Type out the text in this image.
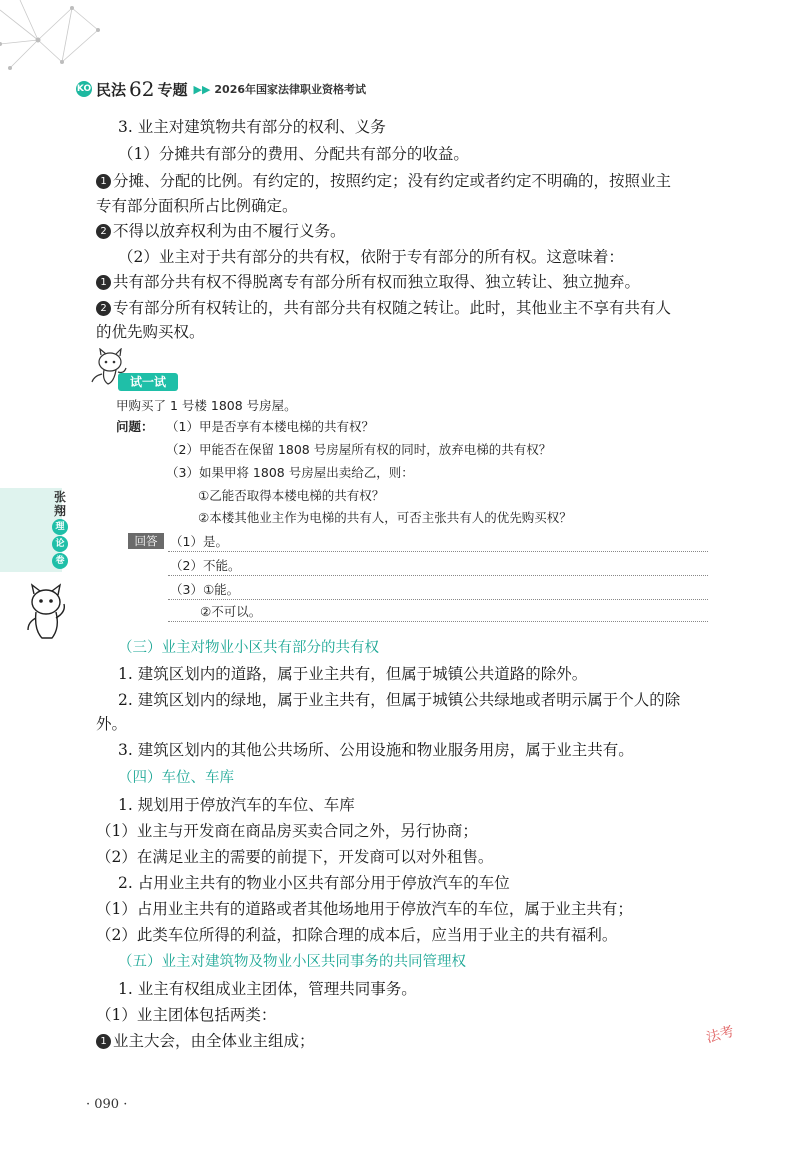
KO 民法 62 专题 ▶▶ 2026年国家法律职业资格考试
3. 业主对建筑物共有部分的权利、义务
（1）分摊共有部分的费用、分配共有部分的收益。
1 分摊、分配的比例。有约定的，按照约定；没有约定或者约定不明确的，按照业主
专有部分面积所占比例确定。
2 不得以放弃权利为由不履行义务。
（2）业主对于共有部分的共有权，依附于专有部分的所有权。这意味着：
1 共有部分共有权不得脱离专有部分所有权而独立取得、独立转让、独立抛弃。
2 专有部分所有权转让的，共有部分共有权随之转让。此时，其他业主不享有共有人
的优先购买权。
试一试
甲购买了 1 号楼 1808 号房屋。
问题： （1）甲是否享有本楼电梯的共有权？
（2）甲能否在保留 1808 号房屋所有权的同时，放弃电梯的共有权？
（3）如果甲将 1808 号房屋出卖给乙，则：
①乙能否取得本楼电梯的共有权？
②本楼其他业主作为电梯的共有人，可否主张共有人的优先购买权？
回答	（1）是。
（2）不能。
（3）①能。
②不可以。
张
翔
理
论
卷
（三）业主对物业小区共有部分的共有权
1. 建筑区划内的道路，属于业主共有，但属于城镇公共道路的除外。
2. 建筑区划内的绿地，属于业主共有，但属于城镇公共绿地或者明示属于个人的除
外。
3. 建筑区划内的其他公共场所、公用设施和物业服务用房，属于业主共有。
（四）车位、车库
1. 规划用于停放汽车的车位、车库
（1）业主与开发商在商品房买卖合同之外，另行协商；
（2）在满足业主的需要的前提下，开发商可以对外租售。
2. 占用业主共有的物业小区共有部分用于停放汽车的车位
（1）占用业主共有的道路或者其他场地用于停放汽车的车位，属于业主共有；
（2）此类车位所得的利益，扣除合理的成本后，应当用于业主的共有福利。
（五）业主对建筑物及物业小区共同事务的共同管理权
1. 业主有权组成业主团体，管理共同事务。
（1）业主团体包括两类：
1 业主大会，由全体业主组成；	法考
· 090 ·
